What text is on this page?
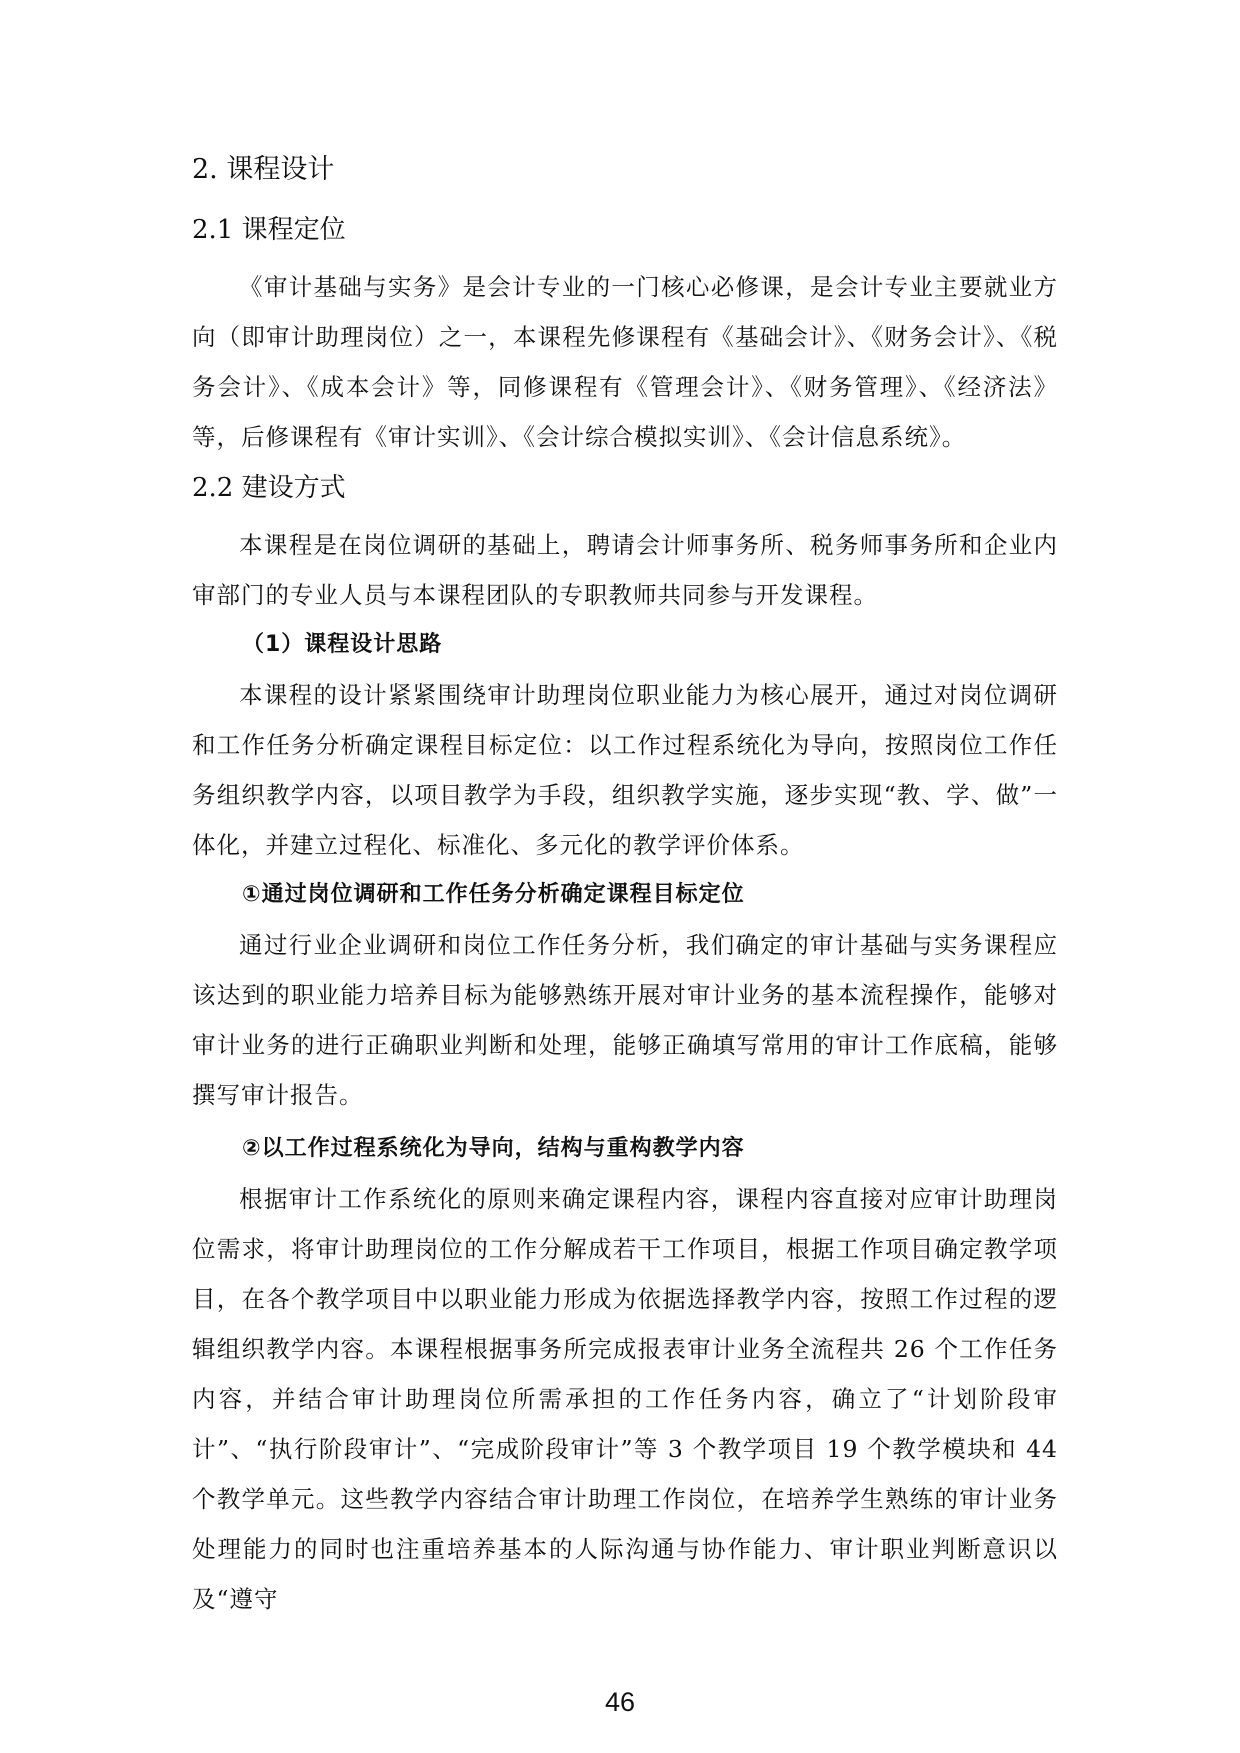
2. 课程设计
2.1 课程定位

《审计基础与实务》是会计专业的一门核心必修课，是会计专业主要就业方向（即审计助理岗位）之一，本课程先修课程有《基础会计》、《财务会计》、《税务会计》、《成本会计》等，同修课程有《管理会计》、《财务管理》、《经济法》等，后修课程有《审计实训》、《会计综合模拟实训》、《会计信息系统》。

2.2 建设方式

本课程是在岗位调研的基础上，聘请会计师事务所、税务师事务所和企业内审部门的专业人员与本课程团队的专职教师共同参与开发课程。

（1）课程设计思路

本课程的设计紧紧围绕审计助理岗位职业能力为核心展开，通过对岗位调研和工作任务分析确定课程目标定位：以工作过程系统化为导向，按照岗位工作任务组织教学内容，以项目教学为手段，组织教学实施，逐步实现“教、学、做”一体化，并建立过程化、标准化、多元化的教学评价体系。

①通过岗位调研和工作任务分析确定课程目标定位

通过行业企业调研和岗位工作任务分析，我们确定的审计基础与实务课程应该达到的职业能力培养目标为能够熟练开展对审计业务的基本流程操作，能够对审计业务的进行正确职业判断和处理，能够正确填写常用的审计工作底稿，能够撰写审计报告。

②以工作过程系统化为导向，结构与重构教学内容

根据审计工作系统化的原则来确定课程内容，课程内容直接对应审计助理岗位需求，将审计助理岗位的工作分解成若干工作项目，根据工作项目确定教学项目，在各个教学项目中以职业能力形成为依据选择教学内容，按照工作过程的逻辑组织教学内容。本课程根据事务所完成报表审计业务全流程共 26 个工作任务内容，并结合审计助理岗位所需承担的工作任务内容，确立了“计划阶段审计”、“执行阶段审计”、“完成阶段审计”等 3 个教学项目 19 个教学模块和 44 个教学单元。这些教学内容结合审计助理工作岗位，在培养学生熟练的审计业务处理能力的同时也注重培养基本的人际沟通与协作能力、审计职业判断意识以及“遵守

46
